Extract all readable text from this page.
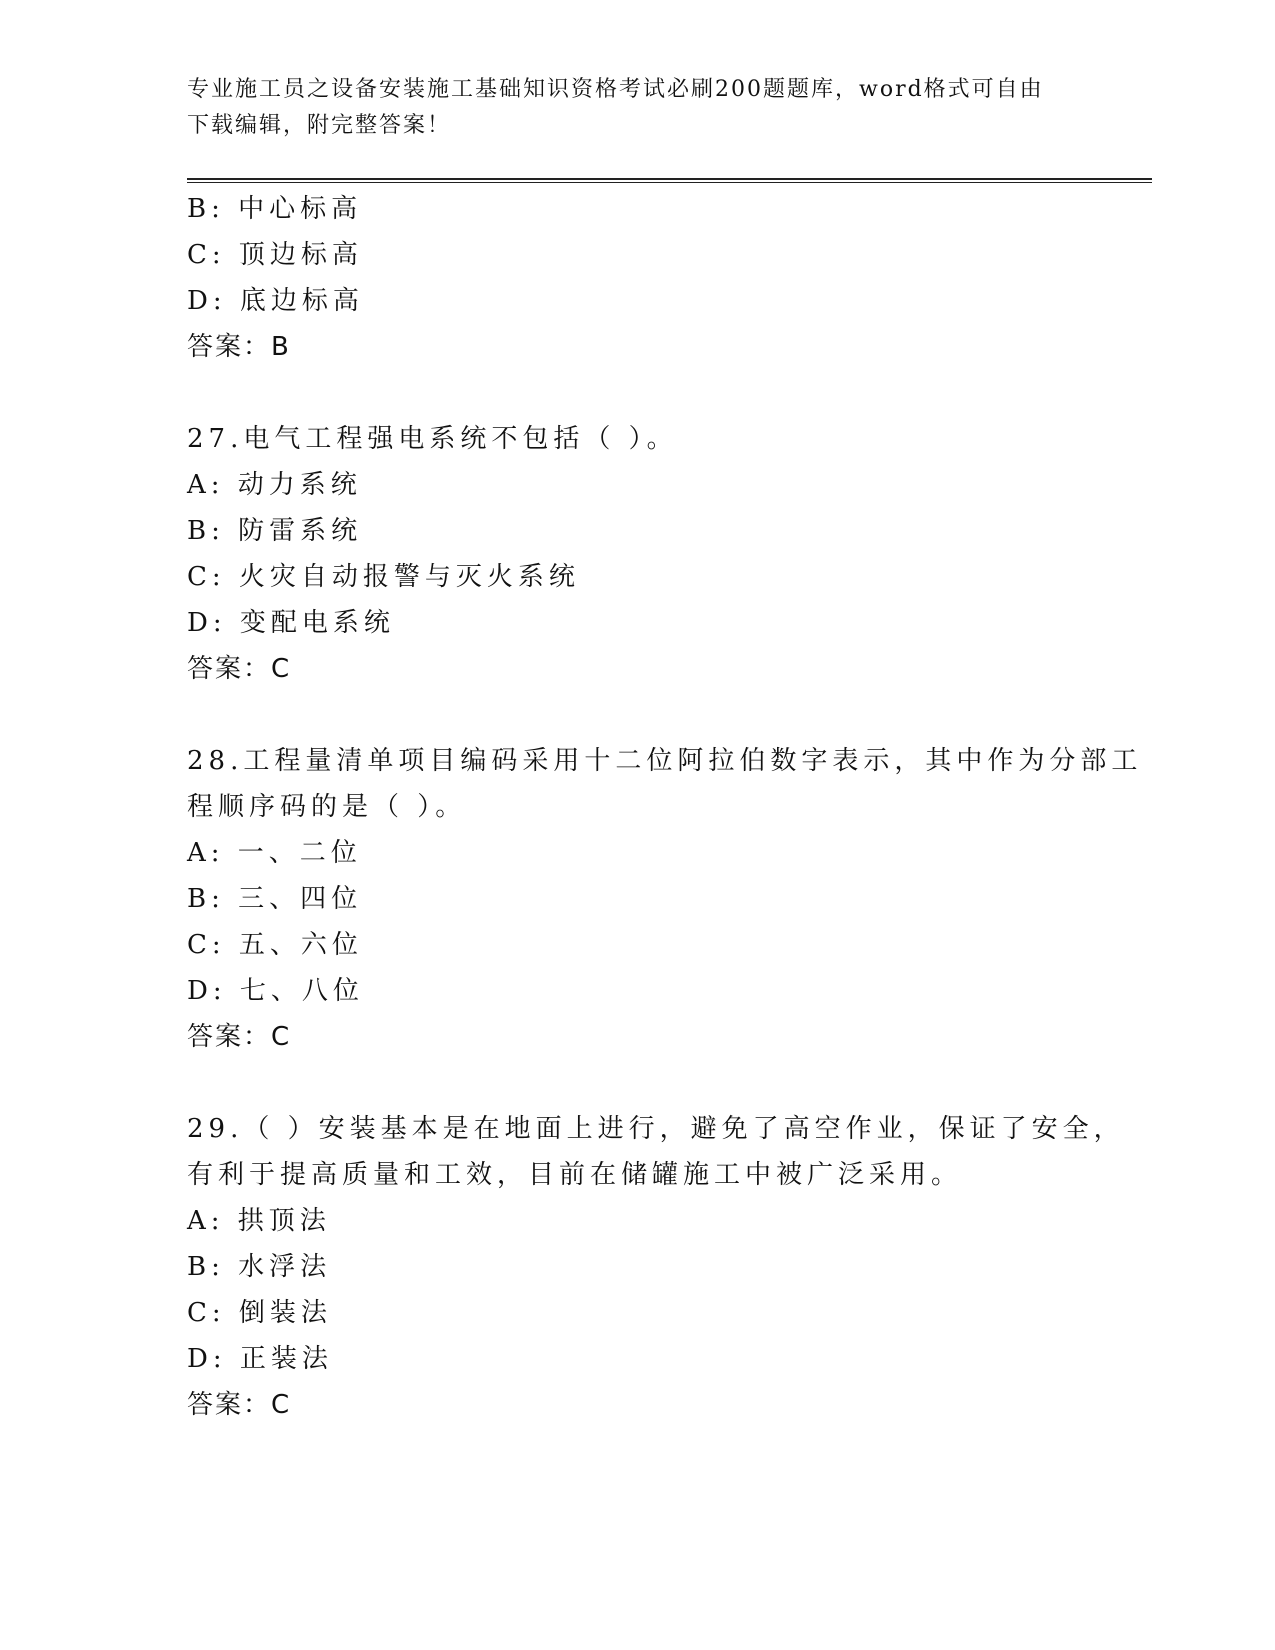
专业施工员之设备安装施工基础知识资格考试必刷200题题库，word格式可自由
下载编辑，附完整答案！
B: 中心标高
C: 顶边标高
D: 底边标高
答案：B
27.电气工程强电系统不包括（ ）。
A: 动力系统
B: 防雷系统
C: 火灾自动报警与灭火系统
D: 变配电系统
答案：C
28.工程量清单项目编码采用十二位阿拉伯数字表示，其中作为分部工
程顺序码的是（ ）。
A: 一、二位
B: 三、四位
C: 五、六位
D: 七、八位
答案：C
29.（ ）安装基本是在地面上进行，避免了高空作业，保证了安全，
有利于提高质量和工效，目前在储罐施工中被广泛采用。
A: 拱顶法
B: 水浮法
C: 倒装法
D: 正装法
答案：C
